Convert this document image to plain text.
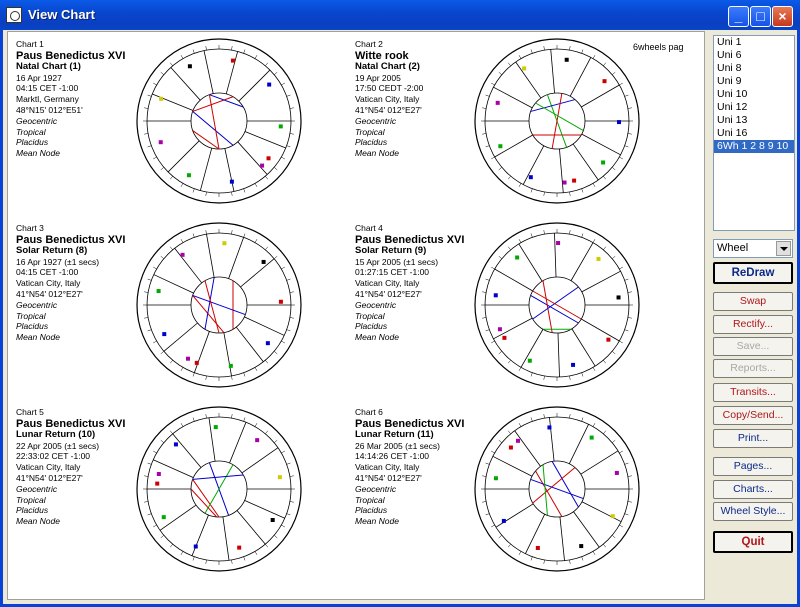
View Chart	_ □ ×
6wheels pag
Chart 1
Paus Benedictus XVI
Natal Chart (1)
16 Apr 1927
04:15 CET -1:00
Marktl, Germany
48°N15' 012°E51'
Geocentric
Tropical
Placidus
Mean Node
Chart 2
Witte rook
Natal Chart (2)
19 Apr 2005
17:50 CEDT -2:00
Vatican City, Italy
41°N54' 012°E27'
Geocentric
Tropical
Placidus
Mean Node
Chart 3
Paus Benedictus XVI
Solar Return (8)
16 Apr 1927 (±1 secs)
04:15 CET -1:00
Vatican City, Italy
41°N54' 012°E27'
Geocentric
Tropical
Placidus
Mean Node
Chart 4
Paus Benedictus XVI
Solar Return (9)
15 Apr 2005 (±1 secs)
01:27:15 CET -1:00
Vatican City, Italy
41°N54' 012°E27'
Geocentric
Tropical
Placidus
Mean Node
Chart 5
Paus Benedictus XVI
Lunar Return (10)
22 Apr 2005 (±1 secs)
22:33:02 CET -1:00
Vatican City, Italy
41°N54' 012°E27'
Geocentric
Tropical
Placidus
Mean Node
Chart 6
Paus Benedictus XVI
Lunar Return (11)
26 Mar 2005 (±1 secs)
14:14:26 CET -1:00
Vatican City, Italy
41°N54' 012°E27'
Geocentric
Tropical
Placidus
Mean Node
Uni 1
Uni 6
Uni 8
Uni 9
Uni 10
Uni 12
Uni 13
Uni 16
6Wh 1 2 8 9 10
Wheel
ReDraw
Swap
Rectify...
Save...
Reports...
Transits...
Copy/Send...
Print...
Pages...
Charts...
Wheel Style...
Quit
